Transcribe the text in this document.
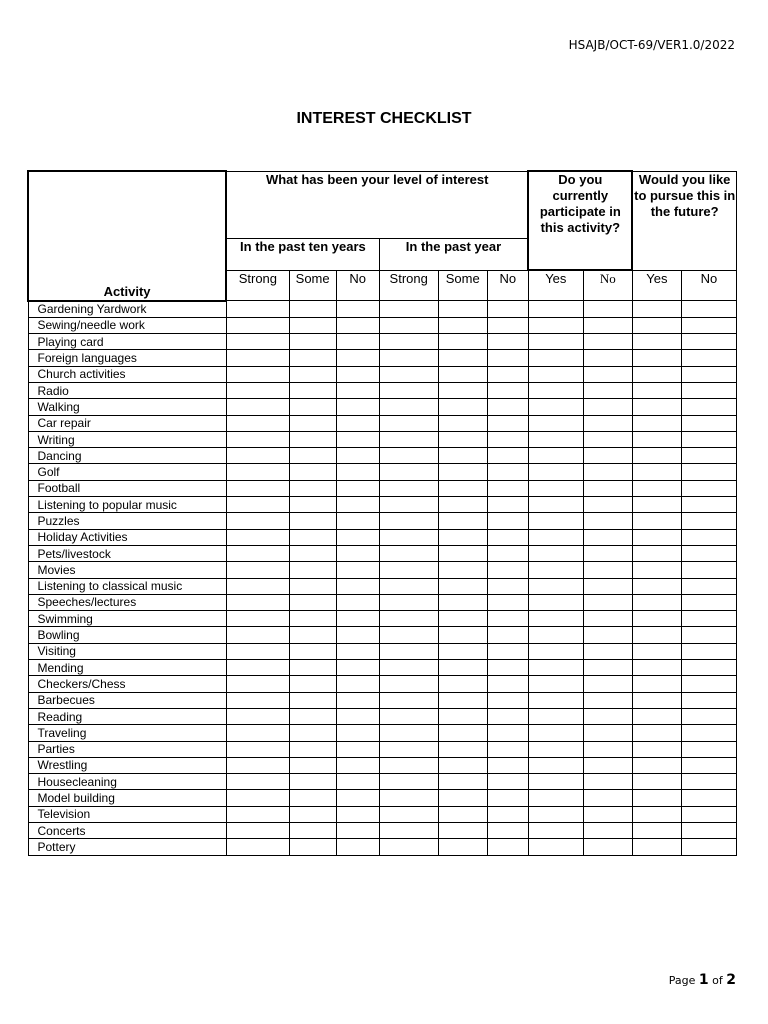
HSAJB/OCT-69/VER1.0/2022
INTEREST CHECKLIST
Activity	What has been your level of interest						Do you currently participate in this activity?		Would you like to pursue this in the future?	
	In the past ten years			In the past year						
	Strong	Some	No	Strong	Some	No	Yes	No	Yes	No
Gardening Yardwork										
Sewing/needle work										
Playing card										
Foreign languages										
Church activities										
Radio										
Walking										
Car repair										
Writing										
Dancing										
Golf										
Football										
Listening to popular music										
Puzzles										
Holiday Activities										
Pets/livestock										
Movies										
Listening to classical music										
Speeches/lectures										
Swimming										
Bowling										
Visiting										
Mending										
Checkers/Chess										
Barbecues										
Reading										
Traveling										
Parties										
Wrestling										
Housecleaning										
Model building										
Television										
Concerts										
Pottery										
Page 1 of 2
